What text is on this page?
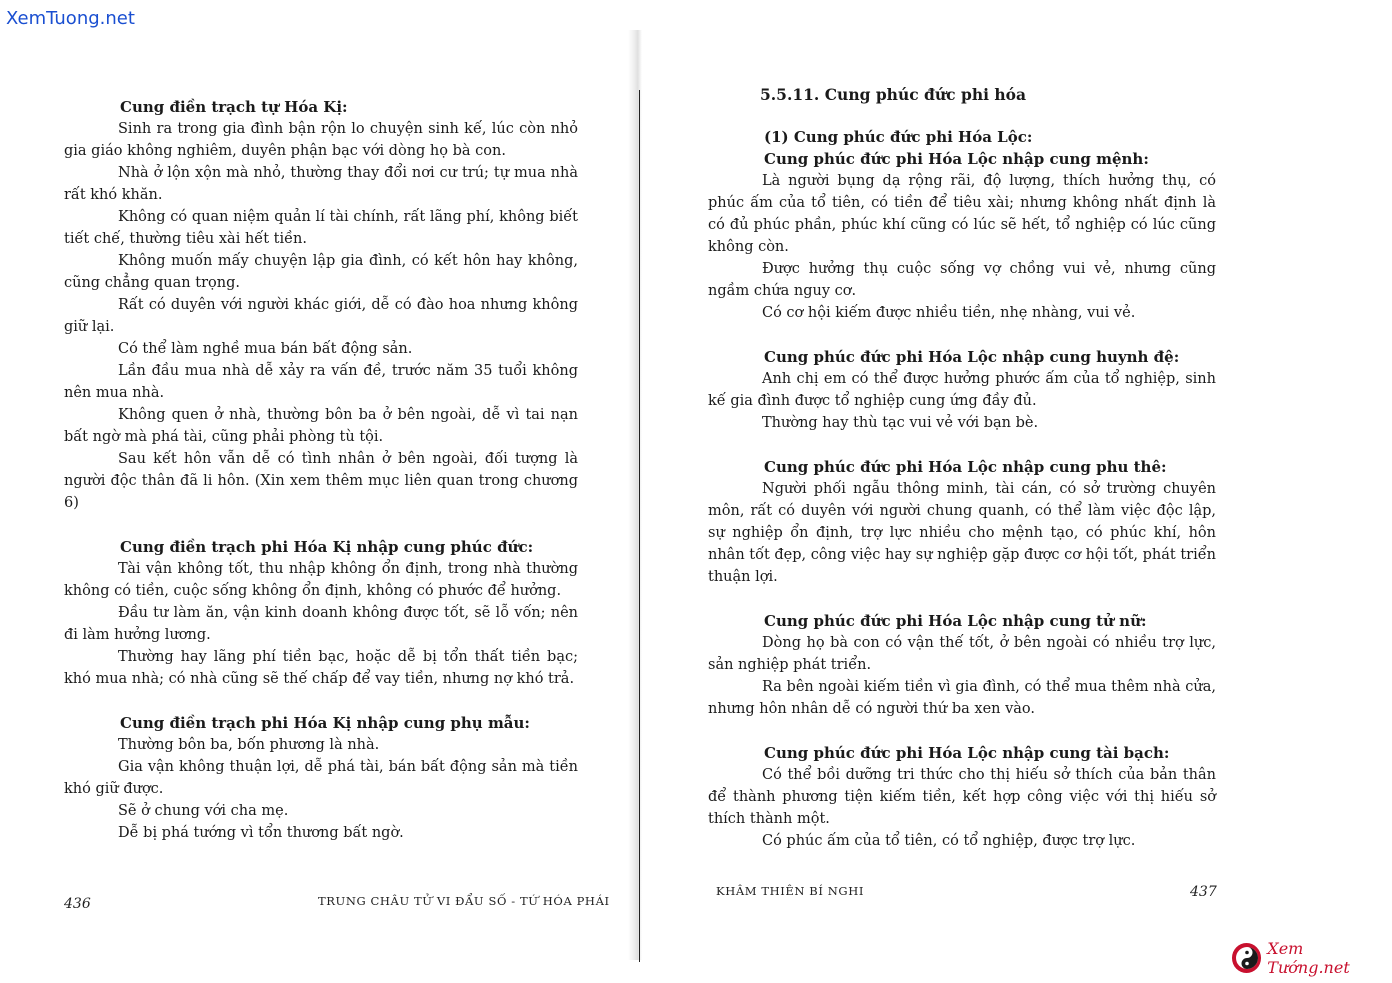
XemTuong.net
Cung điền trạch tự Hóa Kị:

Sinh ra trong gia đình bận rộn lo chuyện sinh kế, lúc còn nhỏ gia giáo không nghiêm, duyên phận bạc với dòng họ bà con.

Nhà ở lộn xộn mà nhỏ, thường thay đổi nơi cư trú; tự mua nhà rất khó khăn.

Không có quan niệm quản lí tài chính, rất lãng phí, không biết tiết chế, thường tiêu xài hết tiền.

Không muốn mấy chuyện lập gia đình, có kết hôn hay không, cũng chẳng quan trọng.

Rất có duyên với người khác giới, dễ có đào hoa nhưng không giữ lại.

Có thể làm nghề mua bán bất động sản.

Lần đầu mua nhà dễ xảy ra vấn đề, trước năm 35 tuổi không nên mua nhà.

Không quen ở nhà, thường bôn ba ở bên ngoài, dễ vì tai nạn bất ngờ mà phá tài, cũng phải phòng tù tội.

Sau kết hôn vẫn dễ có tình nhân ở bên ngoài, đối tượng là người độc thân đã li hôn. (Xin xem thêm mục liên quan trong chương 6)

Cung điền trạch phi Hóa Kị nhập cung phúc đức:

Tài vận không tốt, thu nhập không ổn định, trong nhà thường không có tiền, cuộc sống không ổn định, không có phước để hưởng.

Đầu tư làm ăn, vận kinh doanh không được tốt, sẽ lỗ vốn; nên đi làm hưởng lương.

Thường hay lãng phí tiền bạc, hoặc dễ bị tổn thất tiền bạc; khó mua nhà; có nhà cũng sẽ thế chấp để vay tiền, nhưng nợ khó trả.

Cung điền trạch phi Hóa Kị nhập cung phụ mẫu:

Thường bôn ba, bốn phương là nhà.

Gia vận không thuận lợi, dễ phá tài, bán bất động sản mà tiền khó giữ được.

Sẽ ở chung với cha mẹ.

Dễ bị phá tướng vì tổn thương bất ngờ.

436	TRUNG CHÂU TỬ VI ĐẨU SỐ - TỨ HÓA PHÁI
5.5.11. Cung phúc đức phi hóa
(1) Cung phúc đức phi Hóa Lộc:
Cung phúc đức phi Hóa Lộc nhập cung mệnh:

Là người bụng dạ rộng rãi, độ lượng, thích hưởng thụ, có phúc ấm của tổ tiên, có tiền để tiêu xài; nhưng không nhất định là có đủ phúc phần, phúc khí cũng có lúc sẽ hết, tổ nghiệp có lúc cũng không còn.

Được hưởng thụ cuộc sống vợ chồng vui vẻ, nhưng cũng ngầm chứa nguy cơ.

Có cơ hội kiếm được nhiều tiền, nhẹ nhàng, vui vẻ.

Cung phúc đức phi Hóa Lộc nhập cung huynh đệ:

Anh chị em có thể được hưởng phước ấm của tổ nghiệp, sinh kế gia đình được tổ nghiệp cung ứng đầy đủ.

Thường hay thù tạc vui vẻ với bạn bè.

Cung phúc đức phi Hóa Lộc nhập cung phu thê:

Người phối ngẫu thông minh, tài cán, có sở trường chuyên môn, rất có duyên với người chung quanh, có thể làm việc độc lập, sự nghiệp ổn định, trợ lực nhiều cho mệnh tạo, có phúc khí, hôn nhân tốt đẹp, công việc hay sự nghiệp gặp được cơ hội tốt, phát triển thuận lợi.

Cung phúc đức phi Hóa Lộc nhập cung tử nữ:

Dòng họ bà con có vận thế tốt, ở bên ngoài có nhiều trợ lực, sản nghiệp phát triển.

Ra bên ngoài kiếm tiền vì gia đình, có thể mua thêm nhà cửa, nhưng hôn nhân dễ có người thứ ba xen vào.

Cung phúc đức phi Hóa Lộc nhập cung tài bạch:

Có thể bồi dưỡng tri thức cho thị hiếu sở thích của bản thân để thành phương tiện kiếm tiền, kết hợp công việc với thị hiếu sở thích thành một.

Có phúc ấm của tổ tiên, có tổ nghiệp, được trợ lực.

KHÂM THIÊN BÍ NGHI	437
Xem Tướng.net
